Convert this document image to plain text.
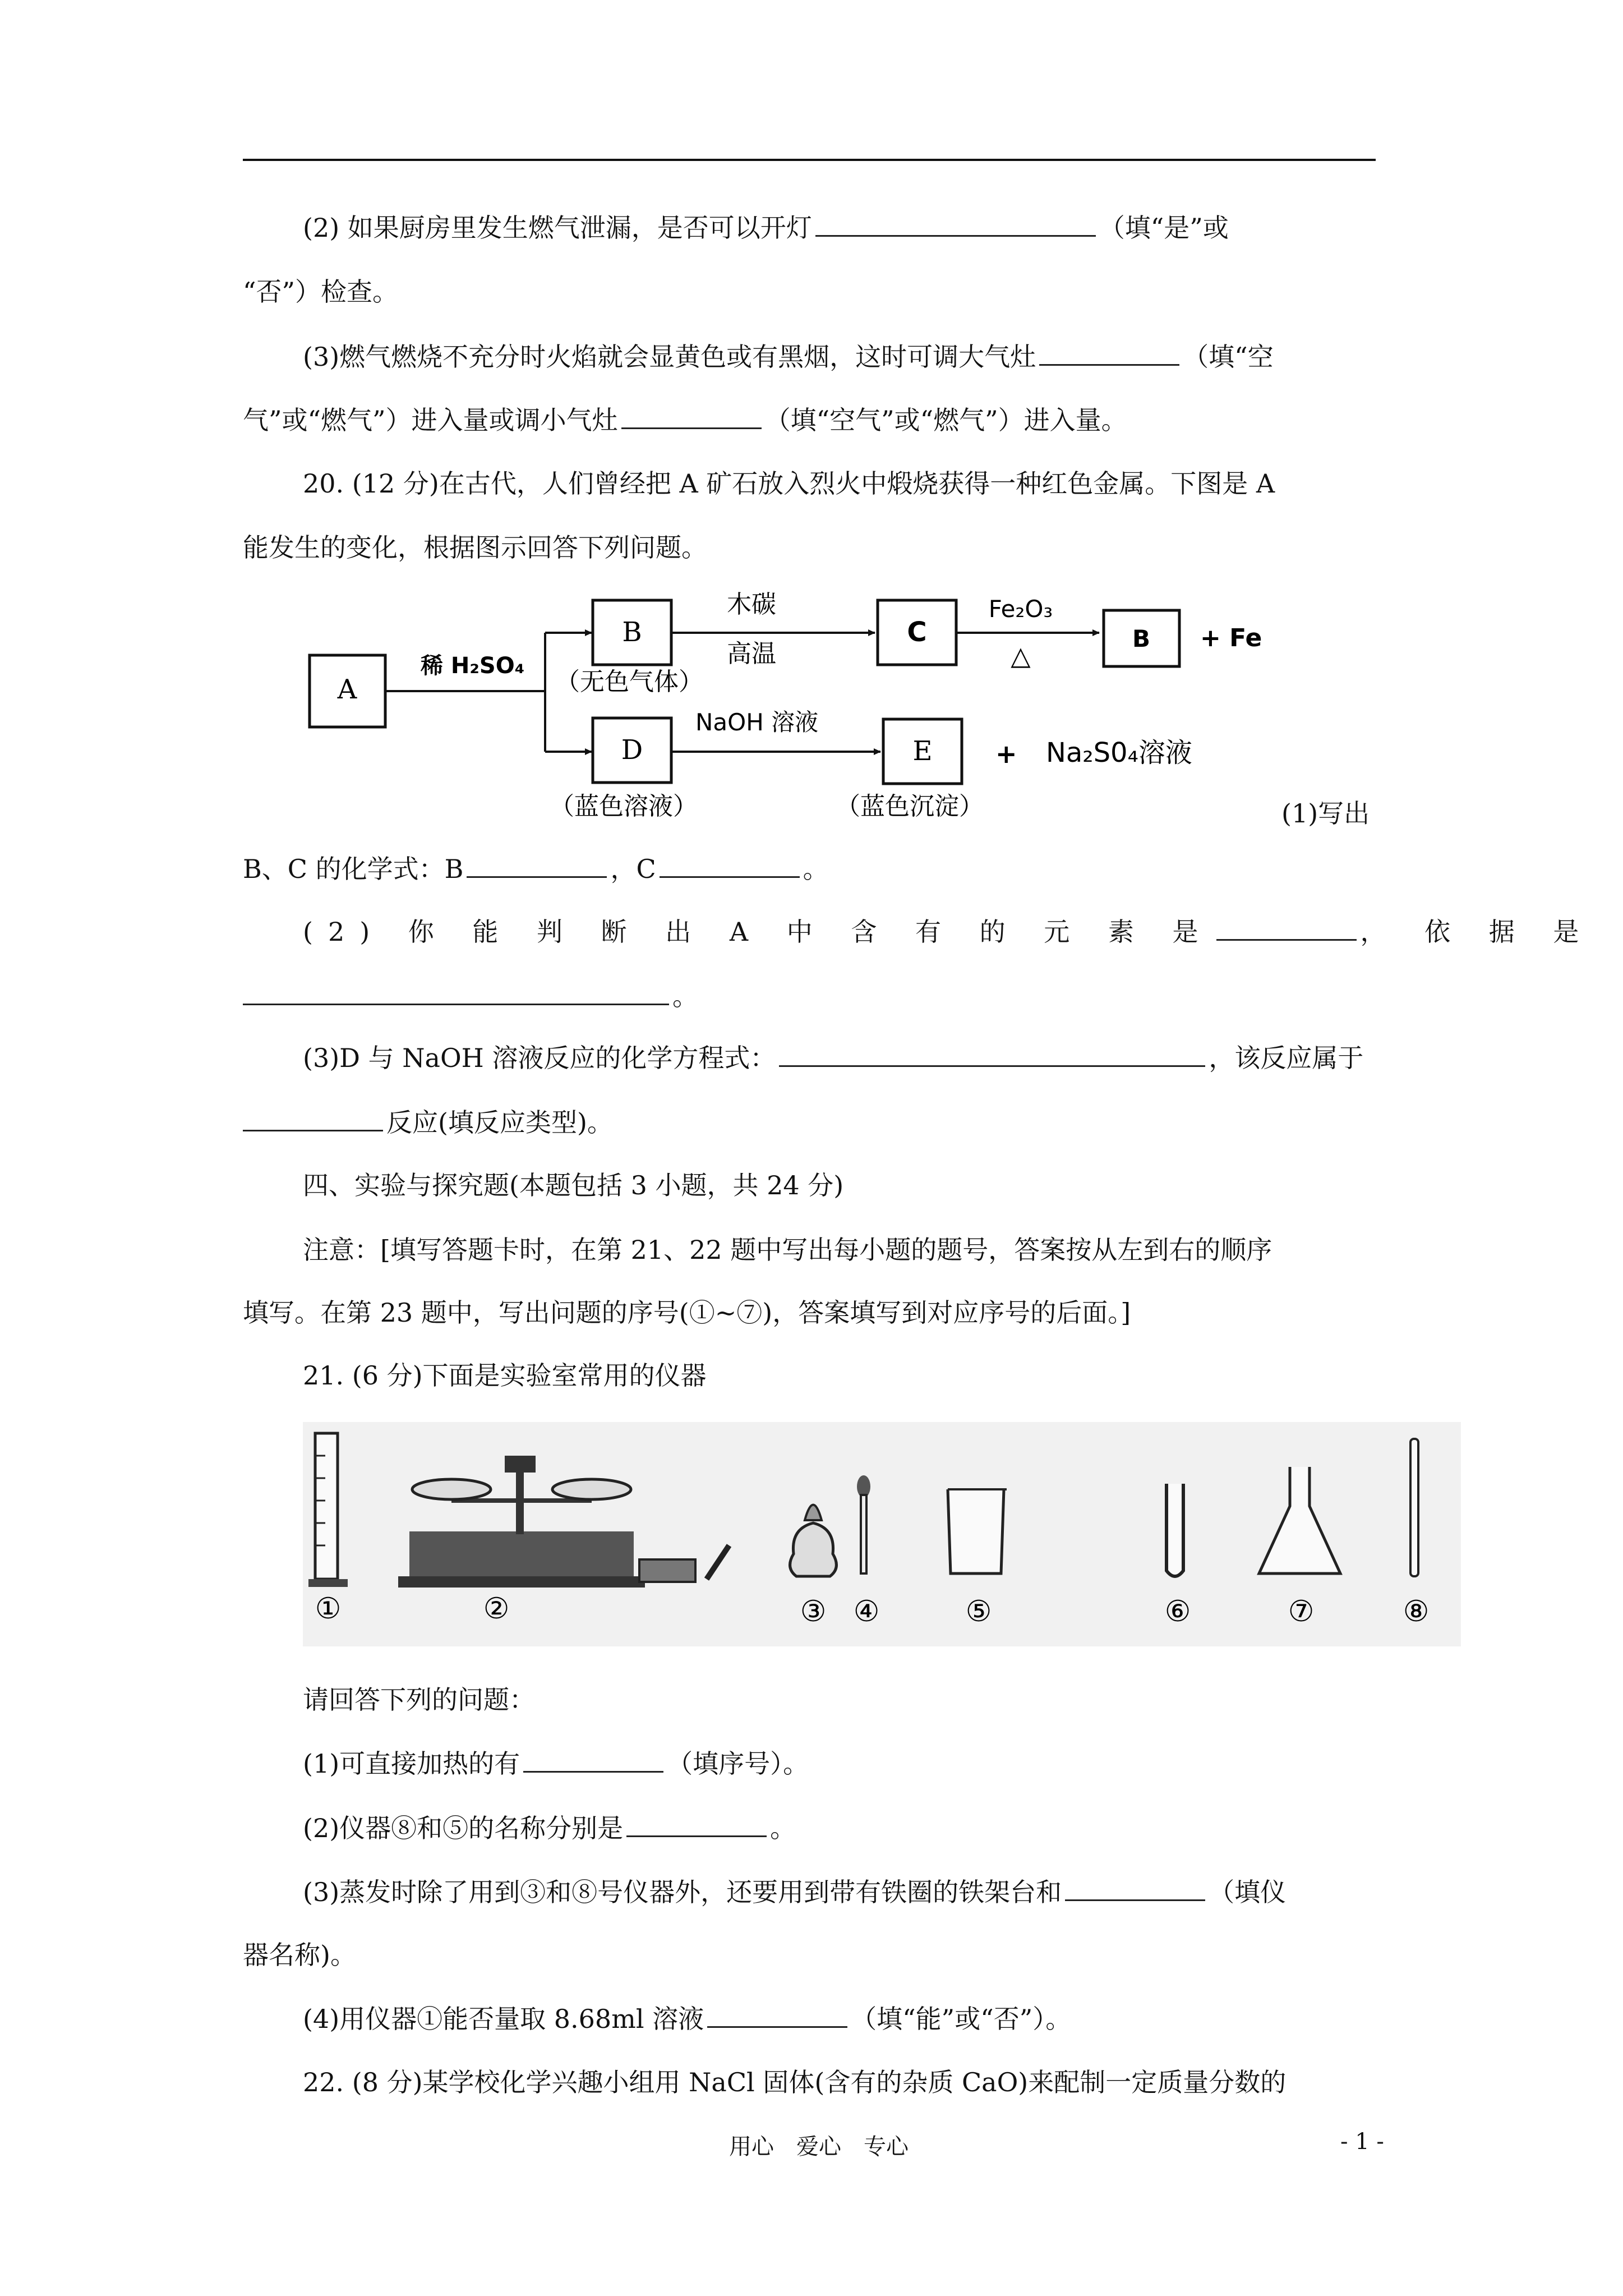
(2) 如果厨房里发生燃气泄漏，是否可以开灯	（填“是”或
“否”）检查。
(3)燃气燃烧不充分时火焰就会显黄色或有黑烟，这时可调大气灶	（填“空
气”或“燃气”）进入量或调小气灶	（填“空气”或“燃气”）进入量。
20. (12 分)在古代，人们曾经把 A 矿石放入烈火中煅烧获得一种红色金属。下图是 A
能发生的变化，根据图示回答下列问题。
A
稀 H₂SO₄
B
（无色气体）
木碳
高温
C
Fe₂O₃
△
B + Fe
D
（蓝色溶液）
NaOH 溶液
E
（蓝色沉淀）
+ Na₂S0₄溶液
(1)写出
B、C 的化学式：B	，C	。
(2) 你 能 判 断 出 A 中 含 有 的 元 素 是	， 依 据 是
。
(3)D 与 NaOH 溶液反应的化学方程式：	，该反应属于
反应(填反应类型)。
四、实验与探究题(本题包括 3 小题，共 24 分)
注意：[填写答题卡时，在第 21、22 题中写出每小题的题号，答案按从左到右的顺序
填写。在第 23 题中，写出问题的序号(①~⑦)，答案填写到对应序号的后面。]
21. (6 分)下面是实验室常用的仪器
①	②	③ ④	⑤	⑥	⑦	⑧
请回答下列的问题：
(1)可直接加热的有	（填序号）。
(2)仪器⑧和⑤的名称分别是	。
(3)蒸发时除了用到③和⑧号仪器外，还要用到带有铁圈的铁架台和	（填仪
器名称)。
(4)用仪器①能否量取 8.68ml 溶液	（填“能”或“否”）。
22. (8 分)某学校化学兴趣小组用 NaCl 固体(含有的杂质 CaO)来配制一定质量分数的
用心　爱心　专心	- 1 -
